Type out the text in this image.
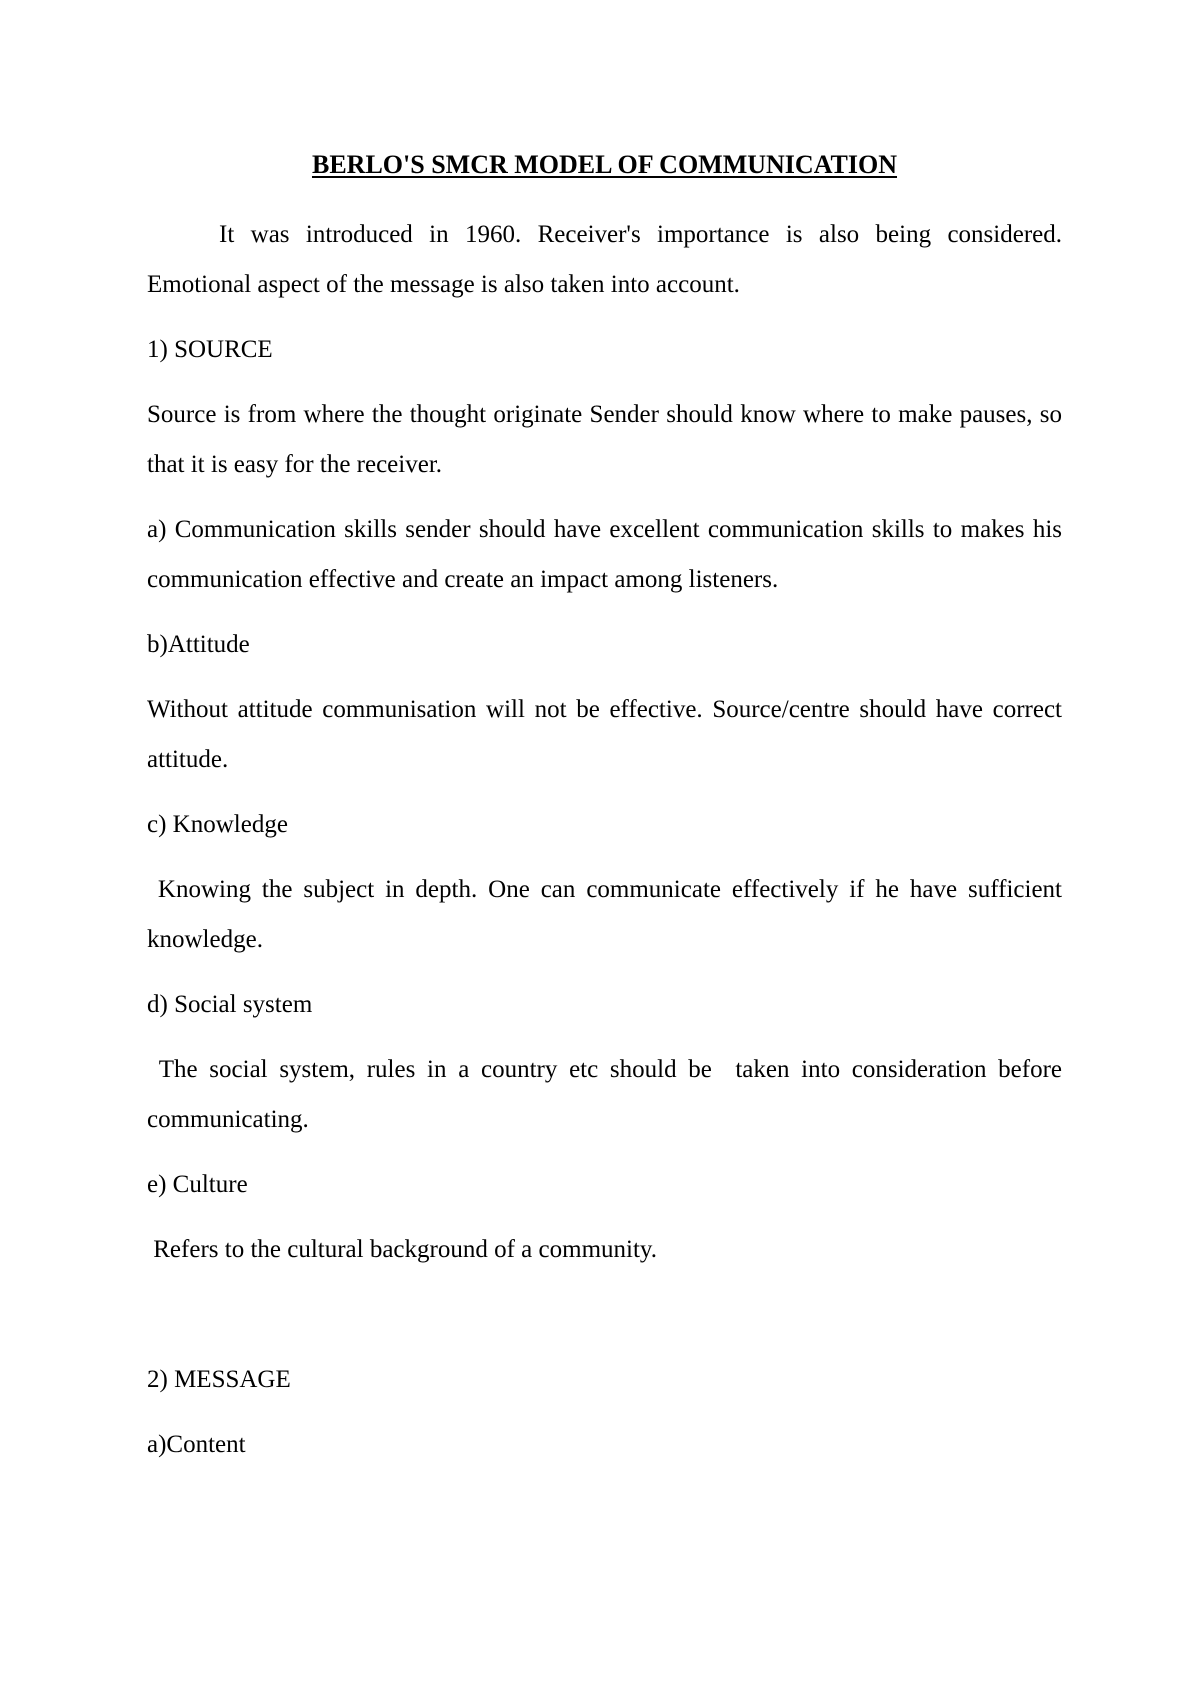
BERLO'S SMCR MODEL OF COMMUNICATION

It was introduced in 1960. Receiver's importance is also being considered. Emotional aspect of the message is also taken into account.

1) SOURCE

Source is from where the thought originate Sender should know where to make pauses, so that it is easy for the receiver.

a) Communication skills sender should have excellent communication skills to makes his communication effective and create an impact among listeners.

b)Attitude

Without attitude communisation will not be effective. Source/centre should have correct attitude.

c) Knowledge

Knowing the subject in depth. One can communicate effectively if he have sufficient knowledge.

d) Social system

The social system, rules in a country etc should be  taken into consideration before communicating.

e) Culture

Refers to the cultural background of a community.

2) MESSAGE

a)Content
